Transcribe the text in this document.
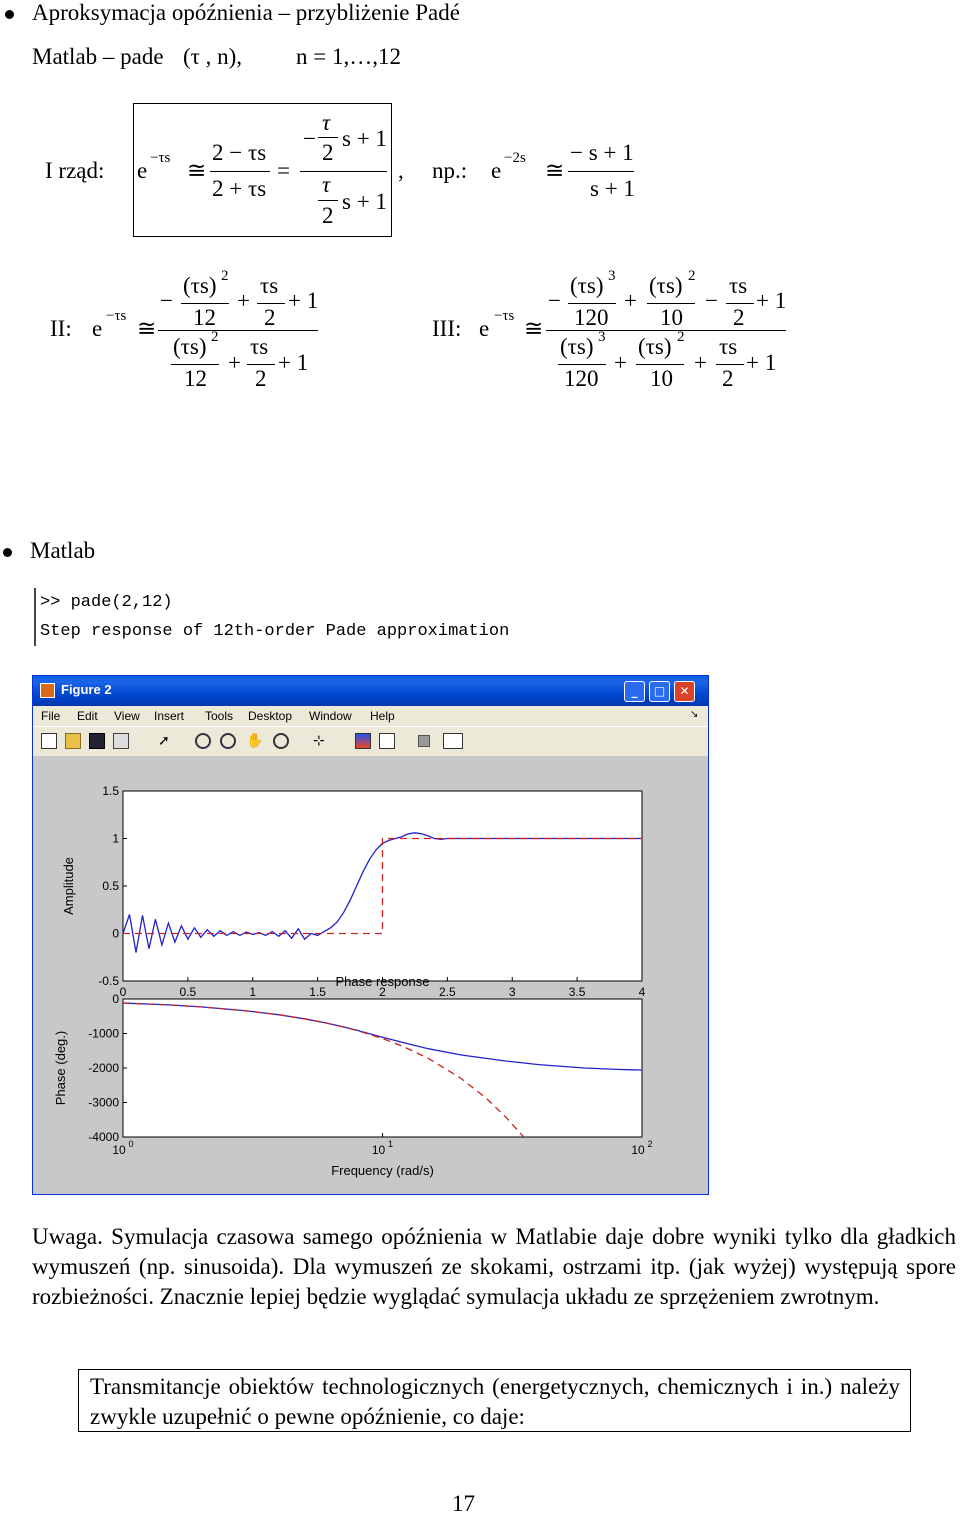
Aproksymacja opóźnienia – przybliżenie Padé
Matlab – pade (τ , n), n = 1,…,12
I rząd: e −τs ≅
2 − τs
2 + τs
=
−
τ
2
s + 1
τ
2
s + 1
, np.: e −2s ≅
− s + 1
s + 1
II: e −τs ≅
−
(τs) 2
12
+
τs
2
+ 1
(τs) 2
12
+
τs
2
+ 1
III: e −τs ≅
−
(τs) 3
120
+
(τs) 2
10
−
τs
2
+ 1
(τs) 3
120
+
(τs) 2
10
+
τs
2
+ 1
Matlab
>> pade(2,12)
Step response of 12th-order Pade approximation
Figure 2	_	□	✕
File Edit View Insert Tools Desktop Window Help	↘
➚	✋	⊹
-0.5
0
0.5
1
1.5
0	0.5	1	1.5	2	2.5	3	3.5	4
Amplitude
0
-1000
-2000
-3000
-4000
10 0	10 1	10 2
Frequency (rad/s)
Phase (deg.)
Phase response
Uwaga. Symulacja czasowa samego opóźnienia w Matlabie daje dobre wyniki tylko dla gładkich wymuszeń (np. sinusoida). Dla wymuszeń ze skokami, ostrzami itp. (jak wyżej) występują spore rozbieżności. Znacznie lepiej będzie wyglądać symulacja układu ze sprzężeniem zwrotnym.
Transmitancje obiektów technologicznych (energetycznych, chemicznych i in.) należy zwykle uzupełnić o pewne opóźnienie, co daje:
17
